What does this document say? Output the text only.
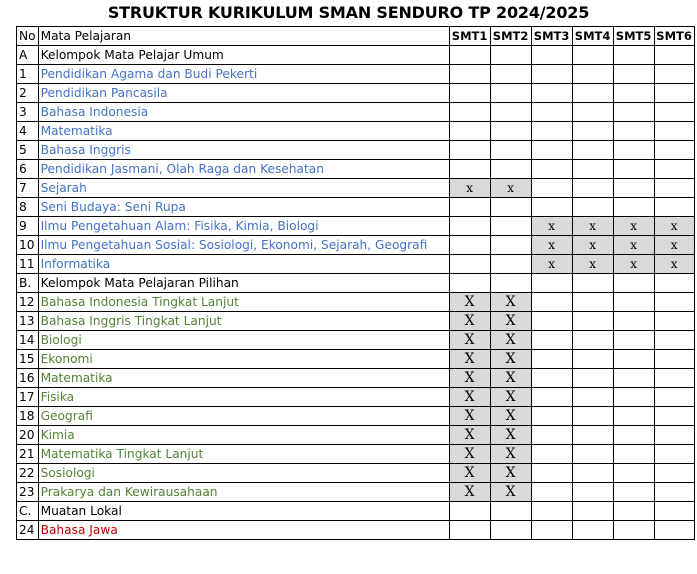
STRUKTUR KURIKULUM SMAN SENDURO TP 2024/2025
No	Mata Pelajaran	SMT1	SMT2	SMT3	SMT4	SMT5	SMT6
A	Kelompok Mata Pelajar Umum						
1	Pendidikan Agama dan Budi Pekerti						
2	Pendidikan Pancasila						
3	Bahasa Indonesia						
4	Matematika						
5	Bahasa Inggris						
6	Pendidikan Jasmani, Olah Raga dan Kesehatan						
7	Sejarah	x	x				
8	Seni Budaya: Seni Rupa						
9	Ilmu Pengetahuan Alam: Fisika, Kimia, Biologi			x	x	x	x
10	Ilmu Pengetahuan Sosial: Sosiologi, Ekonomi, Sejarah, Geografi			x	x	x	x
11	Informatika			x	x	x	x
B.	Kelompok Mata Pelajaran Pilihan						
12	Bahasa Indonesia Tingkat Lanjut	X	X				
13	Bahasa Inggris Tingkat Lanjut	X	X				
14	Biologi	X	X				
15	Ekonomi	X	X				
16	Matematika	X	X				
17	Fisika	X	X				
18	Geografi	X	X				
20	Kimia	X	X				
21	Matematika Tingkat Lanjut	X	X				
22	Sosiologi	X	X				
23	Prakarya dan Kewirausahaan	X	X				
C.	Muatan Lokal						
24	Bahasa Jawa						
